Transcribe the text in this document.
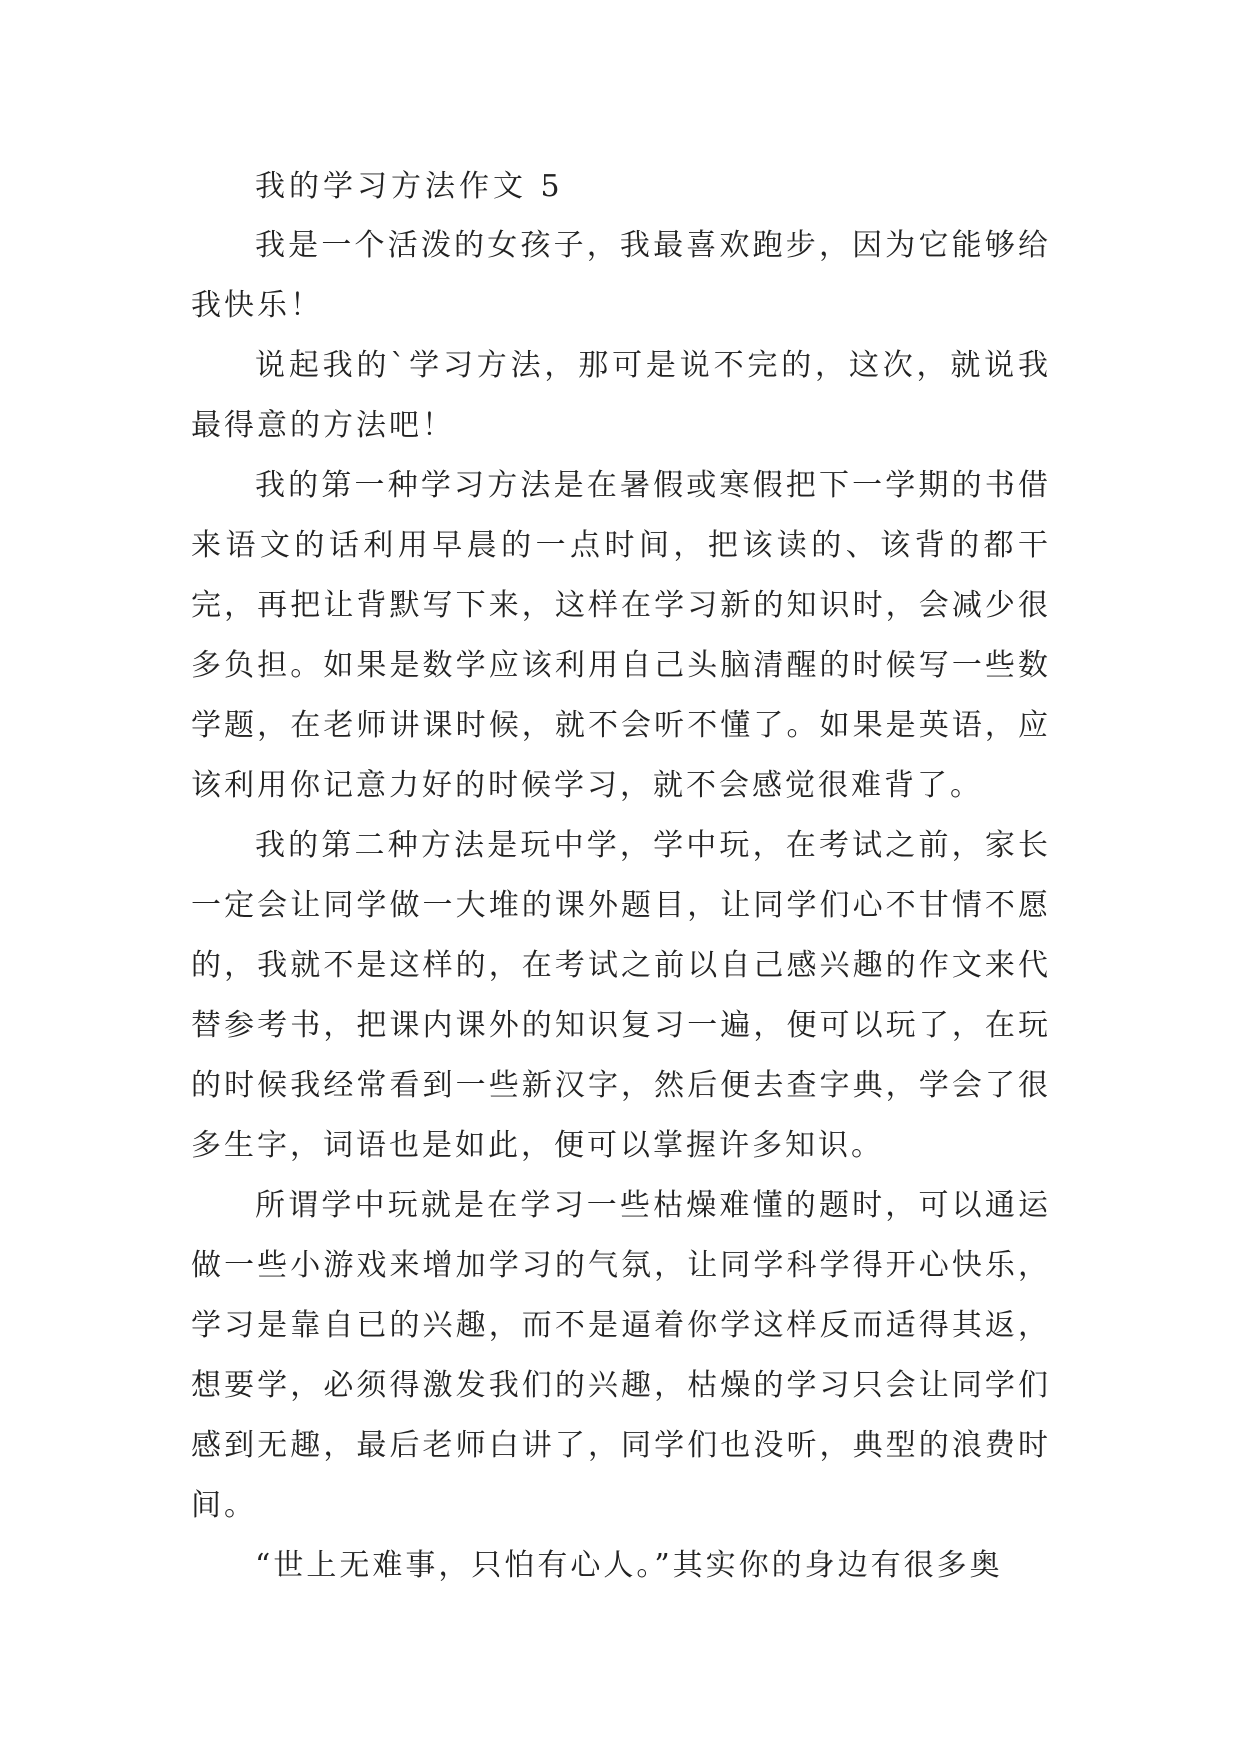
我的学习方法作文 5

我是一个活泼的女孩子，我最喜欢跑步，因为它能够给我快乐！

说起我的`学习方法，那可是说不完的，这次，就说我最得意的方法吧！

我的第一种学习方法是在暑假或寒假把下一学期的书借来语文的话利用早晨的一点时间，把该读的、该背的都干完，再把让背默写下来，这样在学习新的知识时，会减少很多负担。如果是数学应该利用自己头脑清醒的时候写一些数学题，在老师讲课时候，就不会听不懂了。如果是英语，应该利用你记意力好的时候学习，就不会感觉很难背了。

我的第二种方法是玩中学，学中玩，在考试之前，家长一定会让同学做一大堆的课外题目，让同学们心不甘情不愿的，我就不是这样的，在考试之前以自己感兴趣的作文来代替参考书，把课内课外的知识复习一遍，便可以玩了，在玩的时候我经常看到一些新汉字，然后便去查字典，学会了很多生字，词语也是如此，便可以掌握许多知识。

所谓学中玩就是在学习一些枯燥难懂的题时，可以通运做一些小游戏来增加学习的气氛，让同学科学得开心快乐，学习是靠自已的兴趣，而不是逼着你学这样反而适得其返，想要学，必须得激发我们的兴趣，枯燥的学习只会让同学们感到无趣，最后老师白讲了，同学们也没听，典型的浪费时间。

“世上无难事，只怕有心人。”其实你的身边有很多奥
